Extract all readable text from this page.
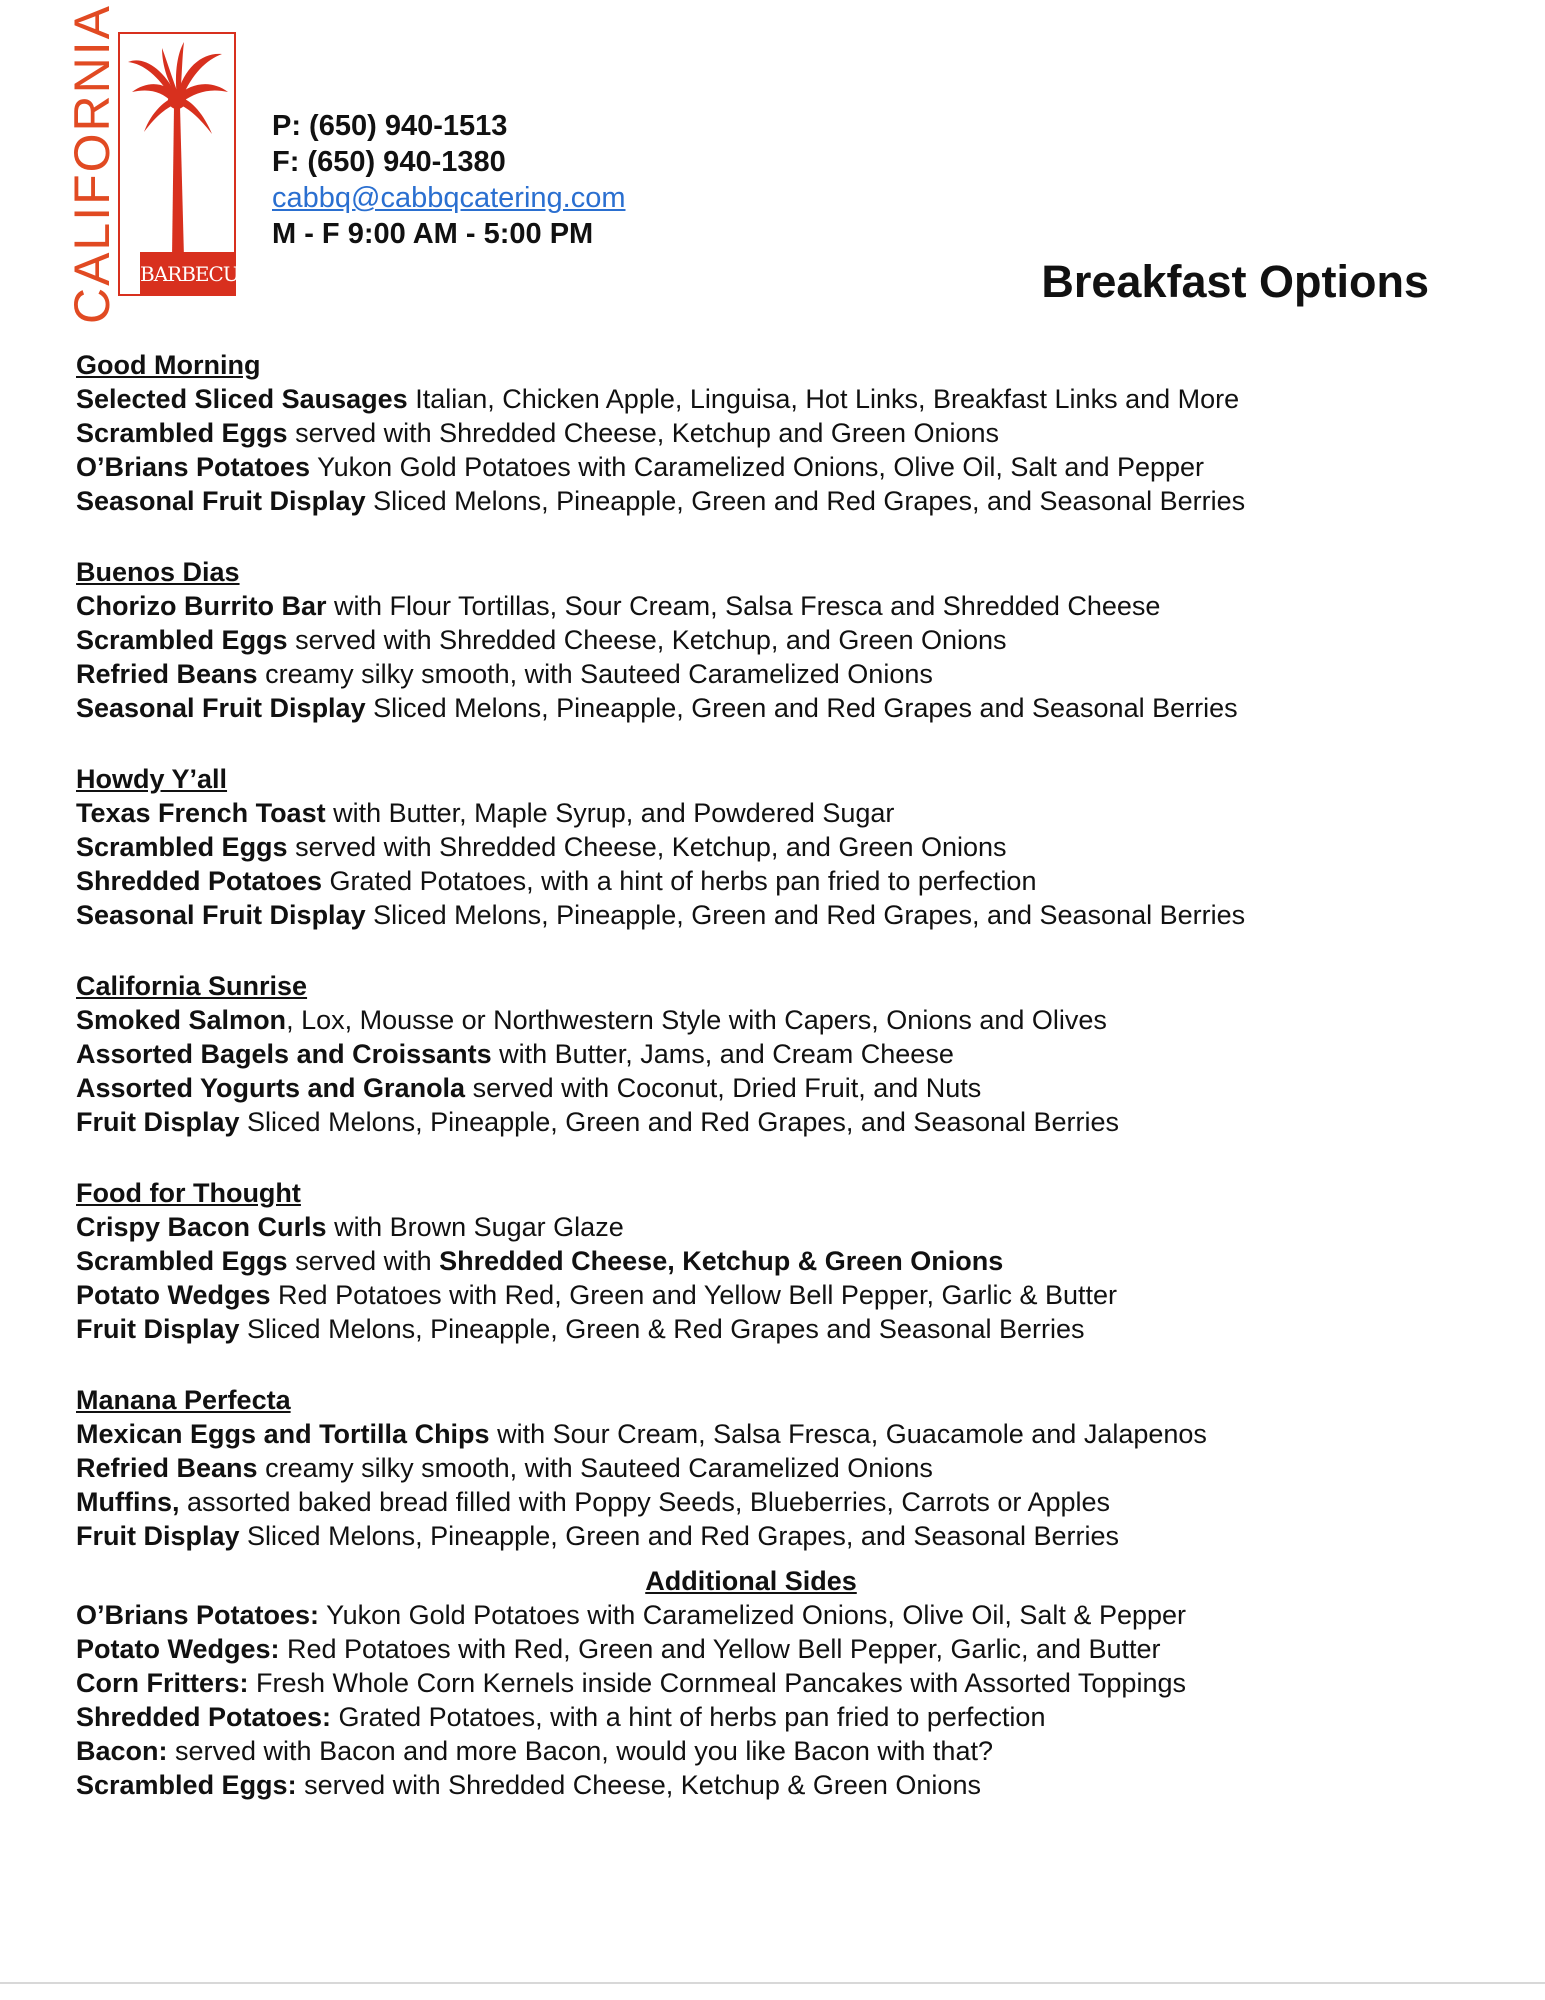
CALIFORNIA BARBECUE
P: (650) 940-1513
F: (650) 940-1380
cabbq@cabbqcatering.com
M - F 9:00 AM - 5:00 PM
Breakfast Options
Good Morning
Selected Sliced Sausages Italian, Chicken Apple, Linguisa, Hot Links, Breakfast Links and More
Scrambled Eggs served with Shredded Cheese, Ketchup and Green Onions
O’Brians Potatoes Yukon Gold Potatoes with Caramelized Onions, Olive Oil, Salt and Pepper
Seasonal Fruit Display Sliced Melons, Pineapple, Green and Red Grapes, and Seasonal Berries
Buenos Dias
Chorizo Burrito Bar with Flour Tortillas, Sour Cream, Salsa Fresca and Shredded Cheese
Scrambled Eggs served with Shredded Cheese, Ketchup, and Green Onions
Refried Beans creamy silky smooth, with Sauteed Caramelized Onions
Seasonal Fruit Display Sliced Melons, Pineapple, Green and Red Grapes and Seasonal Berries
Howdy Y’all
Texas French Toast with Butter, Maple Syrup, and Powdered Sugar
Scrambled Eggs served with Shredded Cheese, Ketchup, and Green Onions
Shredded Potatoes Grated Potatoes, with a hint of herbs pan fried to perfection
Seasonal Fruit Display Sliced Melons, Pineapple, Green and Red Grapes, and Seasonal Berries
California Sunrise
Smoked Salmon, Lox, Mousse or Northwestern Style with Capers, Onions and Olives
Assorted Bagels and Croissants with Butter, Jams, and Cream Cheese
Assorted Yogurts and Granola served with Coconut, Dried Fruit, and Nuts
Fruit Display Sliced Melons, Pineapple, Green and Red Grapes, and Seasonal Berries
Food for Thought
Crispy Bacon Curls with Brown Sugar Glaze
Scrambled Eggs served with Shredded Cheese, Ketchup & Green Onions
Potato Wedges Red Potatoes with Red, Green and Yellow Bell Pepper, Garlic & Butter
Fruit Display Sliced Melons, Pineapple, Green & Red Grapes and Seasonal Berries
Manana Perfecta
Mexican Eggs and Tortilla Chips with Sour Cream, Salsa Fresca, Guacamole and Jalapenos
Refried Beans creamy silky smooth, with Sauteed Caramelized Onions
Muffins, assorted baked bread filled with Poppy Seeds, Blueberries, Carrots or Apples
Fruit Display Sliced Melons, Pineapple, Green and Red Grapes, and Seasonal Berries
Additional Sides
O’Brians Potatoes: Yukon Gold Potatoes with Caramelized Onions, Olive Oil, Salt & Pepper
Potato Wedges: Red Potatoes with Red, Green and Yellow Bell Pepper, Garlic, and Butter
Corn Fritters: Fresh Whole Corn Kernels inside Cornmeal Pancakes with Assorted Toppings
Shredded Potatoes: Grated Potatoes, with a hint of herbs pan fried to perfection
Bacon: served with Bacon and more Bacon, would you like Bacon with that?
Scrambled Eggs: served with Shredded Cheese, Ketchup & Green Onions
